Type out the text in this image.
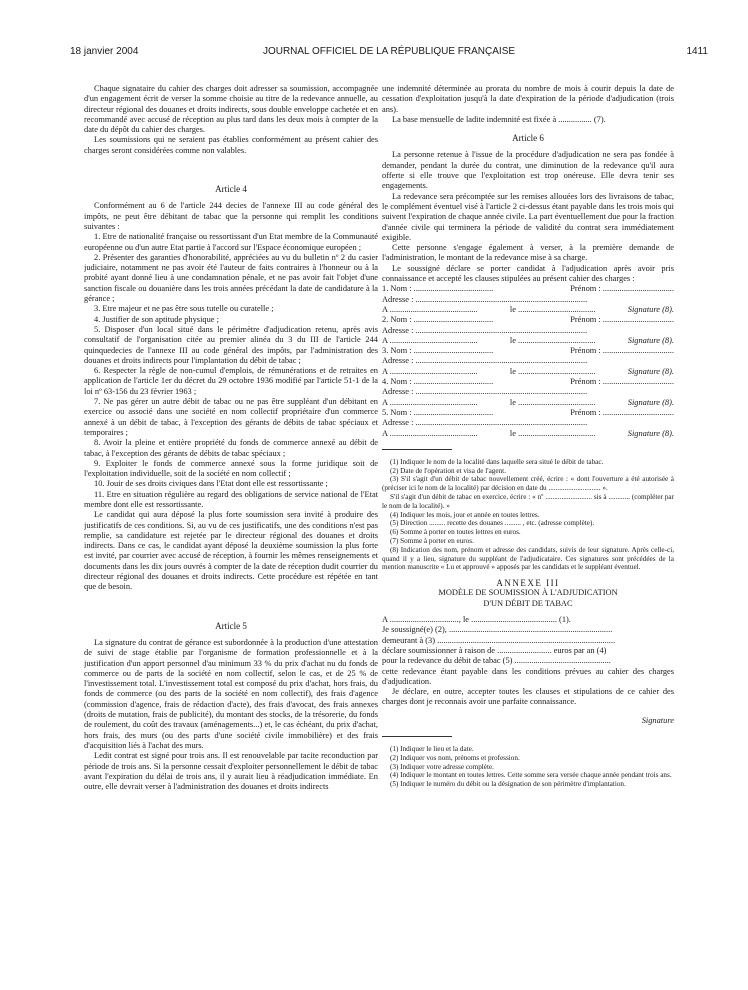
18 janvier 2004	JOURNAL OFFICIEL DE LA RÉPUBLIQUE FRANÇAISE	1411

Chaque signataire du cahier des charges doit adresser sa soumission, accompagnée d'un engagement écrit de verser la somme choisie au titre de la redevance annuelle, au directeur régional des douanes et droits indirects, sous double enveloppe cachetée et en recommandé avec accusé de réception au plus tard dans les deux mois à compter de la date du dépôt du cahier des charges.

Les soumissions qui ne seraient pas établies conformément au présent cahier des charges seront considérées comme non valables.

Article 4

Conformément au 6 de l'article 244 decies de l'annexe III au code général des impôts, ne peut être débitant de tabac que la personne qui remplit les conditions suivantes :

1. Etre de nationalité française ou ressortissant d'un Etat membre de la Communauté européenne ou d'un autre Etat partie à l'accord sur l'Espace économique européen ;

2. Présenter des garanties d'honorabilité, appréciées au vu du bulletin nº 2 du casier judiciaire, notamment ne pas avoir été l'auteur de faits contraires à l'honneur ou à la probité ayant donné lieu à une condamnation pénale, et ne pas avoir fait l'objet d'une sanction fiscale ou douanière dans les trois années précédant la date de candidature à la gérance ;

3. Etre majeur et ne pas être sous tutelle ou curatelle ;

4. Justifier de son aptitude physique ;

5. Disposer d'un local situé dans le périmètre d'adjudication retenu, après avis consultatif de l'organisation citée au premier alinéa du 3 du III de l'article 244 quinquedecies de l'annexe III au code général des impôts, par l'administration des douanes et droits indirects pour l'implantation du débit de tabac ;

6. Respecter la règle de non-cumul d'emplois, de rémunérations et de retraites en application de l'article 1er du décret du 29 octobre 1936 modifié par l'article 51-1 de la loi nº 63-156 du 23 février 1963 ;

7. Ne pas gérer un autre débit de tabac ou ne pas être suppléant d'un débitant en exercice ou associé dans une société en nom collectif propriétaire d'un commerce annexé à un débit de tabac, à l'exception des gérants de débits de tabac spéciaux et temporaires ;

8. Avoir la pleine et entière propriété du fonds de commerce annexé au débit de tabac, à l'exception des gérants de débits de tabac spéciaux ;

9. Exploiter le fonds de commerce annexé sous la forme juridique soit de l'exploitation individuelle, soit de la société en nom collectif ;

10. Jouir de ses droits civiques dans l'Etat dont elle est ressortissante ;

11. Etre en situation régulière au regard des obligations de service national de l'Etat membre dont elle est ressortissante.

Le candidat qui aura déposé la plus forte soumission sera invité à produire des justificatifs de ces conditions. Si, au vu de ces justificatifs, une des conditions n'est pas remplie, sa candidature est rejetée par le directeur régional des douanes et droits indirects. Dans ce cas, le candidat ayant déposé la deuxième soumission la plus forte est invité, par courrier avec accusé de réception, à fournir les mêmes renseignements et documents dans les dix jours ouvrés à compter de la date de réception dudit courrier du directeur régional des douanes et droits indirects. Cette procédure est répétée en tant que de besoin.

Article 5

La signature du contrat de gérance est subordonnée à la production d'une attestation de suivi de stage établie par l'organisme de formation professionnelle et à la justification d'un apport personnel d'au minimum 33 % du prix d'achat nu du fonds de commerce ou de parts de la société en nom collectif, selon le cas, et de 25 % de l'investissement total. L'investissement total est composé du prix d'achat, hors frais, du fonds de commerce (ou des parts de la société en nom collectif), des frais d'agence (commission d'agence, frais de rédaction d'acte), des frais d'avocat, des frais annexes (droits de mutation, frais de publicité), du montant des stocks, de la trésorerie, du fonds de roulement, du coût des travaux (aménagements...) et, le cas échéant, du prix d'achat, hors frais, des murs (ou des parts d'une société civile immobilière) et des frais d'acquisition liés à l'achat des murs.

Ledit contrat est signé pour trois ans. Il est renouvelable par tacite reconduction par période de trois ans. Si la personne cessait d'exploiter personnellement le débit de tabac avant l'expiration du délai de trois ans, il y aurait lieu à réadjudication immédiate. En outre, elle devrait verser à l'administration des douanes et droits indirects

une indemnité déterminée au prorata du nombre de mois à courir depuis la date de cessation d'exploitation jusqu'à la date d'expiration de la période d'adjudication (trois ans).

La base mensuelle de ladite indemnité est fixée à ................ (7).

Article 6

La personne retenue à l'issue de la procédure d'adjudication ne sera pas fondée à demander, pendant la durée du contrat, une diminution de la redevance qu'il aura offerte si elle trouve que l'exploitation est trop onéreuse. Elle devra tenir ses engagements.

La redevance sera précomptée sur les remises allouées lors des livraisons de tabac, le complément éventuel visé à l'article 2 ci-dessus étant payable dans les trois mois qui suivent l'expiration de chaque année civile. La part éventuellement due pour la fraction d'année civile qui terminera la période de validité du contrat sera immédiatement exigible.

Cette personne s'engage également à verser, à la première demande de l'administration, le montant de la redevance mise à sa charge.

Le soussigné déclare se porter candidat à l'adjudication après avoir pris connaissance et accepté les clauses stipulées au présent cahier des charges :

1. Nom : ......................................	Prénom : ..................................

Adresse : ..................................................................................

A ..........................................	le .....................................	Signature (8).
2. Nom : ......................................	Prénom : ..................................

Adresse : ..................................................................................

A ..........................................	le .....................................	Signature (8).
3. Nom : ......................................	Prénom : ..................................

Adresse : ..................................................................................

A ..........................................	le .....................................	Signature (8).
4. Nom : ......................................	Prénom : ..................................

Adresse : ..................................................................................

A ..........................................	le .....................................	Signature (8).
5. Nom : ......................................	Prénom : ..................................

Adresse : ..................................................................................

A ..........................................	le .....................................	Signature (8).

(1) Indiquer le nom de la localité dans laquelle sera situé le débit de tabac.

(2) Date de l'opération et visa de l'agent.

(3) S'il s'agit d'un débit de tabac nouvellement créé, écrire : « dont l'ouverture a été autorisée à (préciser ici le nom de la localité) par décision en date du ............................. ».

S'il s'agit d'un débit de tabac en exercice, écrire : « nº .......................... sis à ............ (compléter par le nom de la localité). »

(4) Indiquer les mois, jour et année en toutes lettres.

(5) Direction ......... recette des douanes ......... , etc. (adresse complète).

(6) Somme à porter en toutes lettres en euros.

(7) Somme à porter en euros.

(8) Indication des nom, prénom et adresse des candidats, suivis de leur signature. Après celle-ci, quand il y a lieu, signature du suppléant de l'adjudicataire. Ces signatures sont précédées de la mention manuscrite « Lu et approuvé » apposés par les candidats et le suppléant éventuel.

ANNEXE III

MODÈLE DE SOUMISSION À L'ADJUDICATION
D'UN DÉBIT DE TABAC

A ................................., le ......................................... (1).

Je soussigné(e) (2), ..............................................................................

demeurant à (3) .....................................................................................

déclare soumissionner à raison de .......................... euros par an (4)

pour la redevance du débit de tabac (5) ..............................................

cette redevance étant payable dans les conditions prévues au cahier des charges d'adjudication.

Je déclare, en outre, accepter toutes les clauses et stipulations de ce cahier des charges dont je reconnais avoir une parfaite connaissance.

Signature

(1) Indiquer le lieu et la date.

(2) Indiquer vos nom, prénoms et profession.

(3) Indiquer votre adresse complète.

(4) Indiquer le montant en toutes lettres. Cette somme sera versée chaque année pendant trois ans.

(5) Indiquer le numéro du débit ou la désignation de son périmètre d'implantation.
